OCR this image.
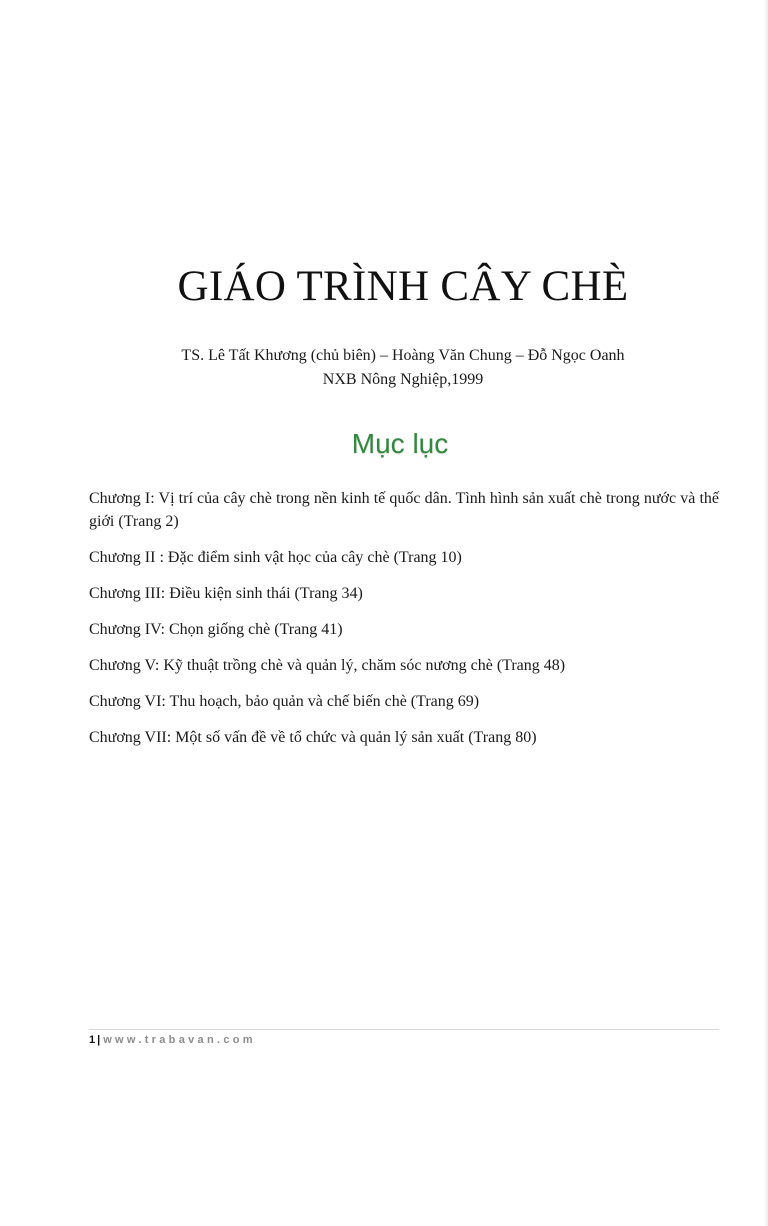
GIÁO TRÌNH CÂY CHÈ
TS. Lê Tất Khương (chủ biên) – Hoàng Văn Chung – Đỗ Ngọc Oanh
NXB Nông Nghiệp,1999
Mục lục
Chương I: Vị trí của cây chè trong nền kinh tế quốc dân. Tình hình sản xuất chè trong nước và thế giới (Trang 2)
Chương II : Đặc điểm sinh vật học của cây chè (Trang 10)
Chương III: Điều kiện sinh thái (Trang 34)
Chương IV: Chọn giống chè (Trang 41)
Chương V: Kỹ thuật trồng chè và quản lý, chăm sóc nương chè (Trang 48)
Chương VI: Thu hoạch, bảo quản và chế biến chè (Trang 69)
Chương VII: Một số vấn đề về tổ chức và quản lý sản xuất (Trang 80)
1 | www.trabavan.com
